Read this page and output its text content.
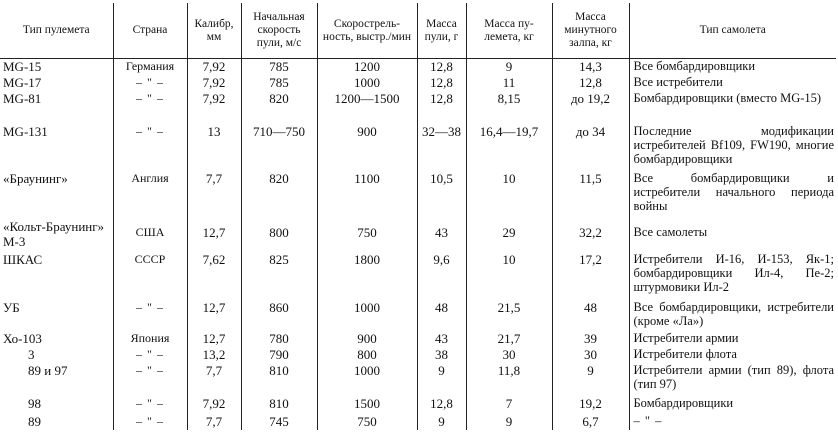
Тип пулемета	Страна	Калибр, мм	Начальная скорость пули, м/с	Скорострель-ность, выстр./мин	Масса пули, г	Масса пу-лемета, кг	Масса минутного залпа, кг	Тип самолета
MG-15	Германия	7,92	785	1200	12,8	9	14,3	Все бомбардировщики
MG-17	– " –	7,92	785	1000	12,8	11	12,8	Все истребители
MG-81	– " –	7,92	820	1200—1500	12,8	8,15	до 19,2	Бомбардировщики (вместо MG-15)
MG-131	– " –	13	710—750	900	32—38	16,4—19,7	до 34	Последние модификации истребителей Bf109, FW190, многие бомбардировщики
«Браунинг»	Англия	7,7	820	1100	10,5	10	11,5	Все бомбардировщики и истребители начального периода войны
«Кольт-Браунинг» М-3	США	12,7	800	750	43	29	32,2	Все самолеты
ШКАС	СССР	7,62	825	1800	9,6	10	17,2	Истребители И-16, И-153, Як-1; бомбардировщики Ил-4, Пе-2; штурмовики Ил-2
УБ	– " –	12,7	860	1000	48	21,5	48	Все бомбардировщики, истребители (кроме «Ла»)
Хо-103	Япония	12,7	780	900	43	21,7	39	Истребители армии
3	– " –	13,2	790	800	38	30	30	Истребители флота
89 и 97	– " –	7,7	810	1000	9	11,8	9	Истребители армии (тип 89), флота (тип 97)
98	– " –	7,92	810	1500	12,8	7	19,2	Бомбардировщики
89	– " –	7,7	745	750	9	9	6,7	– " –
